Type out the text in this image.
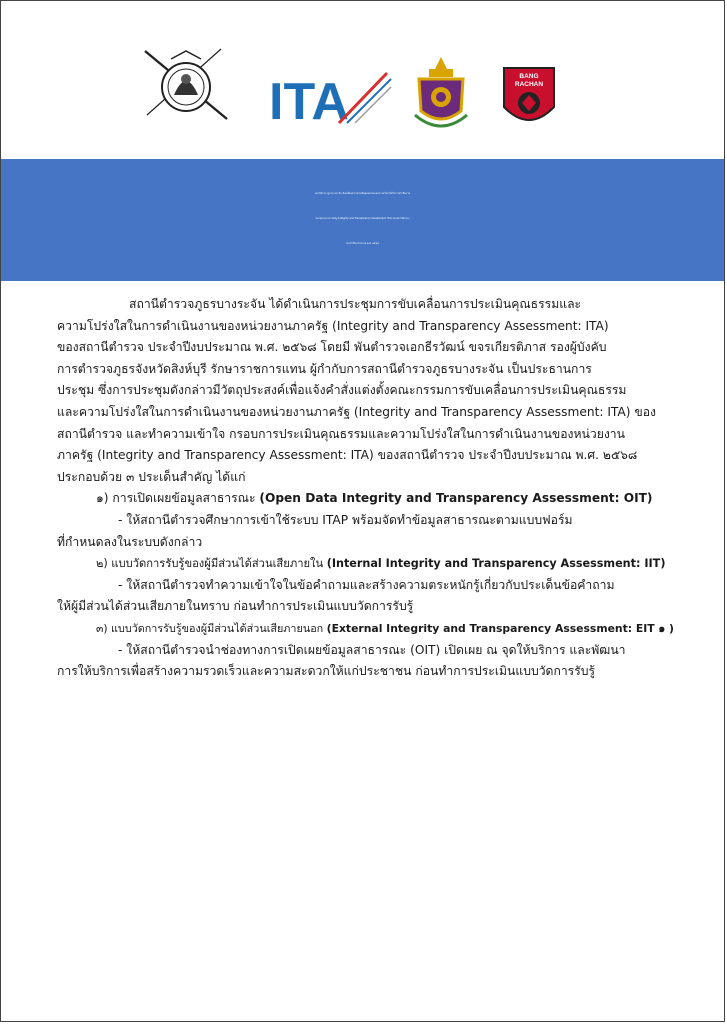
ITA	BANG
RACHAN
สถานีตำรวจภูธรบางระจัน ขับเคลื่อนการประเมินคุณธรรมและความโปร่งใสในการดำเนินงาน
ของหน่วยงานภาครัฐ (Integrity and Transparency Assessment: ITA) ของสถานีตำรวจ
ประจำปีงบประมาณ พ.ศ. ๒๕๖๘
สถานีตำรวจภูธรบางระจัน ได้ดำเนินการประชุมการขับเคลื่อนการประเมินคุณธรรมและ
ความโปร่งใสในการดำเนินงานของหน่วยงานภาครัฐ (Integrity and Transparency Assessment: ITA)
ของสถานีตำรวจ ประจำปีงบประมาณ พ.ศ. ๒๕๖๘ โดยมี พันตำรวจเอกธีรวัฒน์ ขจรเกียรติภาส รองผู้บังคับ
การตำรวจภูธรจังหวัดสิงห์บุรี รักษาราชการแทน ผู้กำกับการสถานีตำรวจภูธรบางระจัน เป็นประธานการ
ประชุม ซึ่งการประชุมดังกล่าวมีวัตถุประสงค์เพื่อแจ้งคำสั่งแต่งตั้งคณะกรรมการขับเคลื่อนการประเมินคุณธรรม
และความโปร่งใสในการดำเนินงานของหน่วยงานภาครัฐ (Integrity and Transparency Assessment: ITA) ของ
สถานีตำรวจ และทำความเข้าใจ กรอบการประเมินคุณธรรมและความโปร่งใสในการดำเนินงานของหน่วยงาน
ภาครัฐ (Integrity and Transparency Assessment: ITA) ของสถานีตำรวจ ประจำปีงบประมาณ พ.ศ. ๒๕๖๘
ประกอบด้วย ๓ ประเด็นสำคัญ ได้แก่
๑) การเปิดเผยข้อมูลสาธารณะ (Open Data Integrity and Transparency Assessment: OIT)
- ให้สถานีตำรวจศึกษาการเข้าใช้ระบบ ITAP พร้อมจัดทำข้อมูลสาธารณะตามแบบฟอร์ม
ที่กำหนดลงในระบบดังกล่าว
๒) แบบวัดการรับรู้ของผู้มีส่วนได้ส่วนเสียภายใน (Internal Integrity and Transparency Assessment: IIT)
- ให้สถานีตำรวจทำความเข้าใจในข้อคำถามและสร้างความตระหนักรู้เกี่ยวกับประเด็นข้อคำถาม
ให้ผู้มีส่วนได้ส่วนเสียภายในทราบ ก่อนทำการประเมินแบบวัดการรับรู้
๓) แบบวัดการรับรู้ของผู้มีส่วนได้ส่วนเสียภายนอก (External Integrity and Transparency Assessment: EIT ๑ )
- ให้สถานีตำรวจนำช่องทางการเปิดเผยข้อมูลสาธารณะ (OIT) เปิดเผย ณ จุดให้บริการ และพัฒนา
การให้บริการเพื่อสร้างความรวดเร็วและความสะดวกให้แก่ประชาชน ก่อนทำการประเมินแบบวัดการรับรู้
